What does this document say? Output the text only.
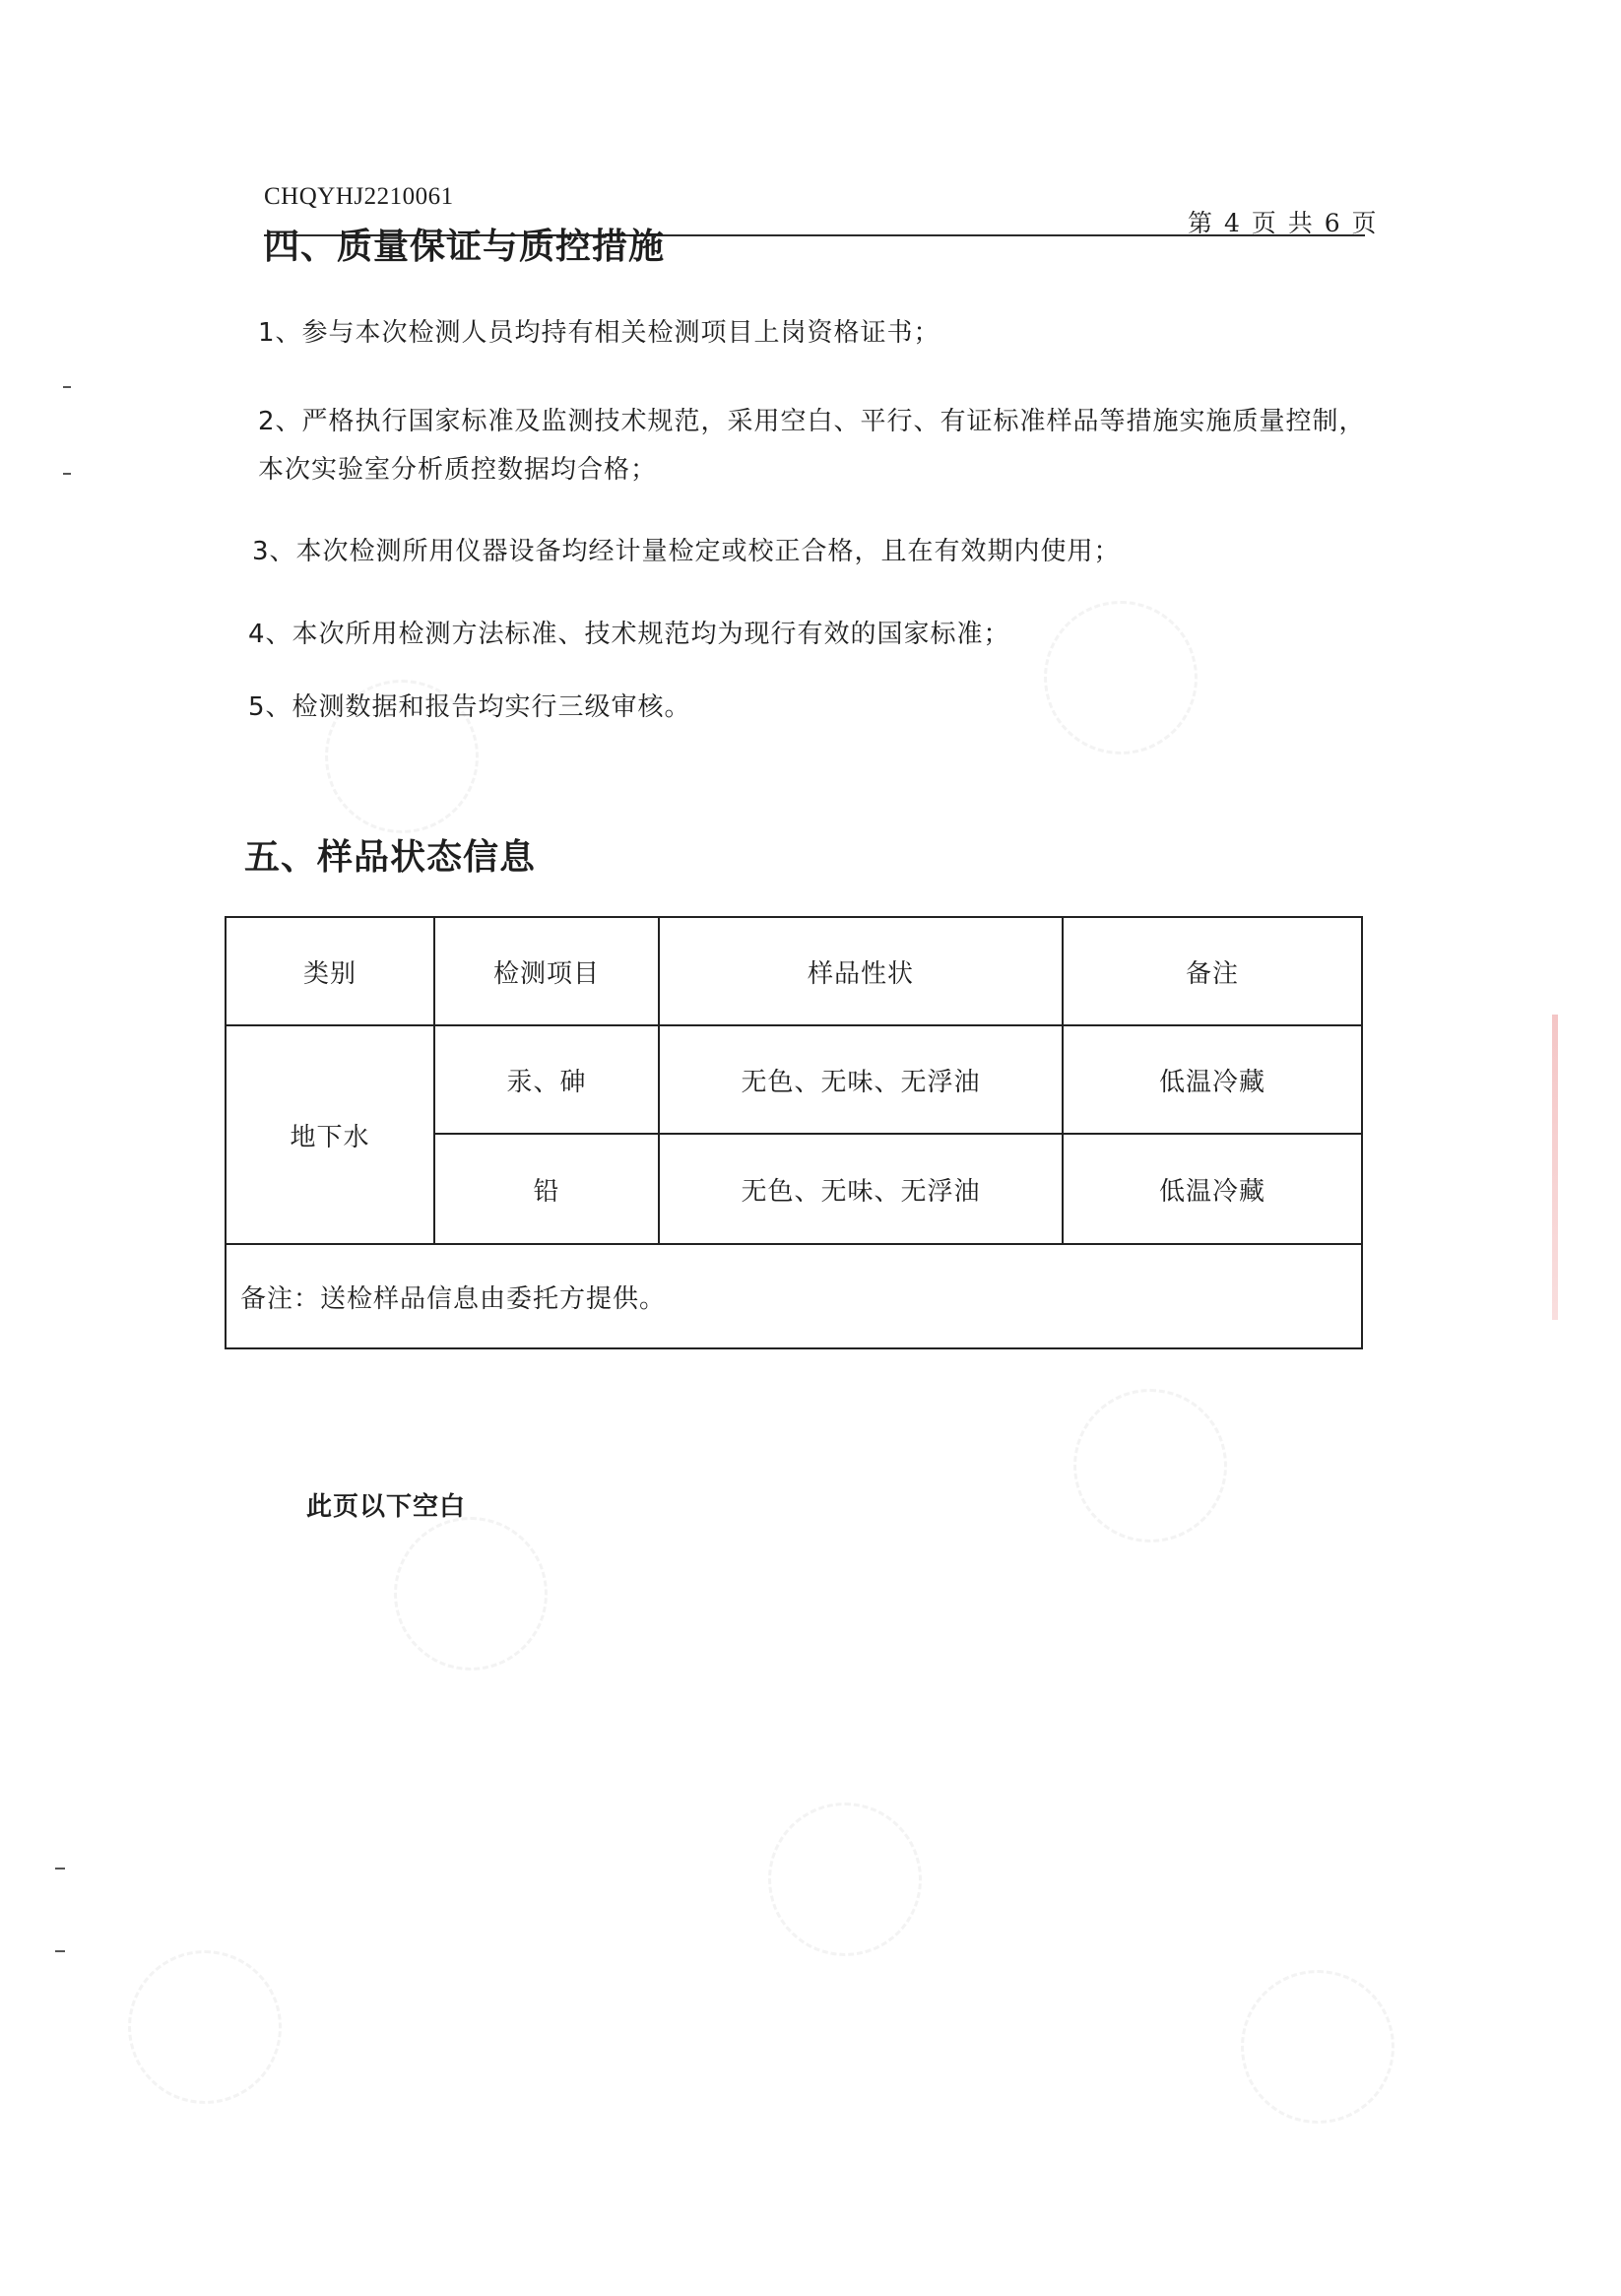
CHQYHJ2210061
第 4 页 共 6 页
四、质量保证与质控措施
1、参与本次检测人员均持有相关检测项目上岗资格证书；
2、严格执行国家标准及监测技术规范，采用空白、平行、有证标准样品等措施实施质量控制，本次实验室分析质控数据均合格；
3、本次检测所用仪器设备均经计量检定或校正合格，且在有效期内使用；
4、本次所用检测方法标准、技术规范均为现行有效的国家标准；
5、检测数据和报告均实行三级审核。
五、样品状态信息
类别	检测项目	样品性状	备注
地下水	汞、砷	无色、无味、无浮油	低温冷藏
	铅	无色、无味、无浮油	低温冷藏
备注：送检样品信息由委托方提供。			
此页以下空白
